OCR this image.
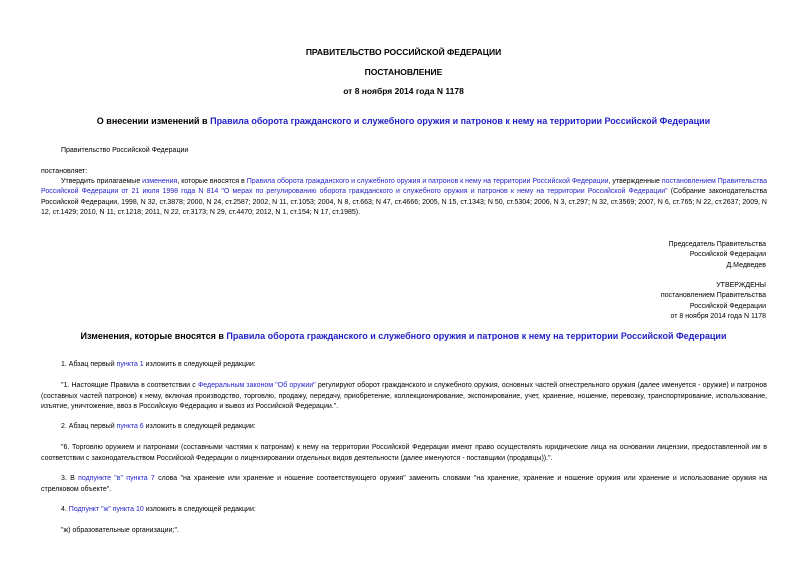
ПРАВИТЕЛЬСТВО РОССИЙСКОЙ ФЕДЕРАЦИИ
ПОСТАНОВЛЕНИЕ
от 8 ноября 2014 года N 1178
О внесении изменений в Правила оборота гражданского и служебного оружия и патронов к нему на территории Российской Федерации
Правительство Российской Федерации
постановляет:
Утвердить прилагаемые изменения, которые вносятся в Правила оборота гражданского и служебного оружия и патронов к нему на территории Российской Федерации, утвержденные постановлением Правительства Российской Федерации от 21 июля 1998 года N 814 "О мерах по регулированию оборота гражданского и служебного оружия и патронов к нему на территории Российской Федерации" (Собрание законодательства Российской Федерации, 1998, N 32, ст.3878; 2000, N 24, ст.2587; 2002, N 11, ст.1053; 2004, N 8, ст.663; N 47, ст.4666; 2005, N 15, ст.1343; N 50, ст.5304; 2006, N 3, ст.297; N 32, ст.3569; 2007, N 6, ст.765; N 22, ст.2637; 2009, N 12, ст.1429; 2010, N 11, ст.1218; 2011, N 22, ст.3173; N 29, ст.4470; 2012, N 1, ст.154; N 17, ст.1985).
Председатель Правительства
Российской Федерации
Д.Медведев
УТВЕРЖДЕНЫ
постановлением Правительства
Российской Федерации
от 8 ноября 2014 года N 1178
Изменения, которые вносятся в Правила оборота гражданского и служебного оружия и патронов к нему на территории Российской Федерации
1. Абзац первый пункта 1 изложить в следующей редакции:
"1. Настоящие Правила в соответствии с Федеральным законом "Об оружии" регулируют оборот гражданского и служебного оружия, основных частей огнестрельного оружия (далее именуется - оружие) и патронов (составных частей патронов) к нему, включая производство, торговлю, продажу, передачу, приобретение, коллекционирование, экспонирование, учет, хранение, ношение, перевозку, транспортирование, использование, изъятие, уничтожение, ввоз в Российскую Федерацию и вывоз из Российской Федерации.".
2. Абзац первый пункта 6 изложить в следующей редакции:
"6. Торговлю оружием и патронами (составными частями к патронам) к нему на территории Российской Федерации имеют право осуществлять юридические лица на основании лицензии, предоставленной им в соответствии с законодательством Российской Федерации о лицензировании отдельных видов деятельности (далее именуются - поставщики (продавцы)).".
3. В подпункте "в" пункта 7 слова "на хранение или хранение и ношение соответствующего оружия" заменить словами "на хранение, хранение и ношение оружия или хранение и использование оружия на стрелковом объекте".
4. Подпункт "ж" пункта 10 изложить в следующей редакции:
"ж) образовательные организации;".
